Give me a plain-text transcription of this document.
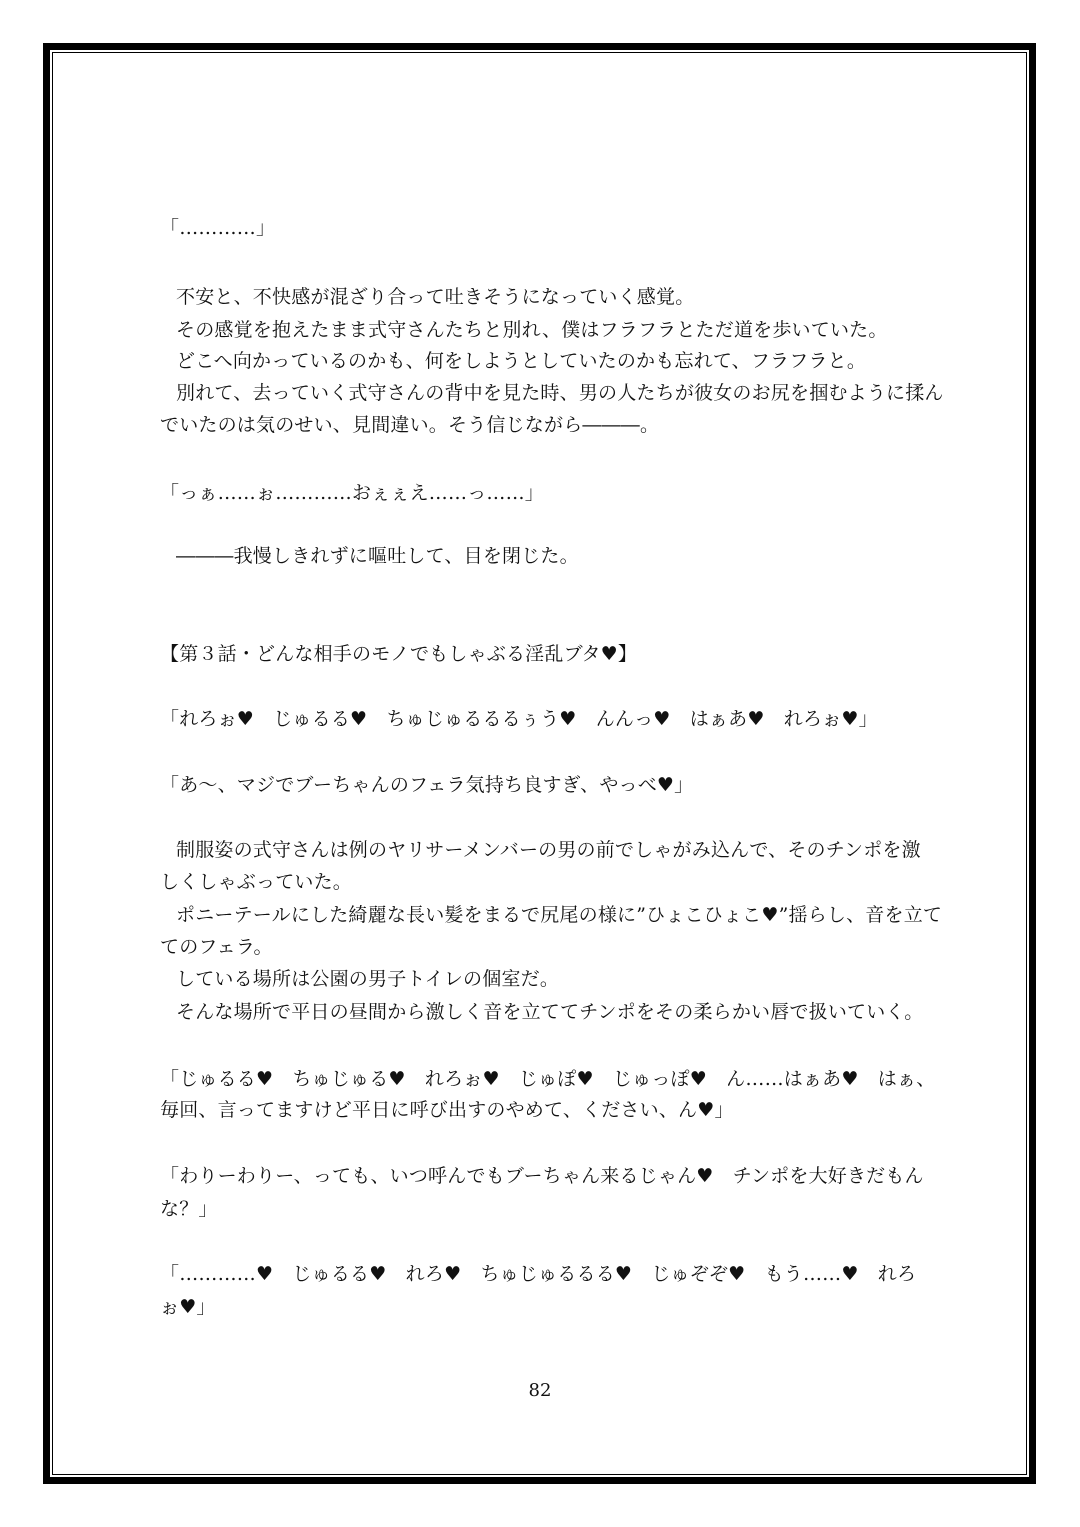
「…………」
不安と、不快感が混ざり合って吐きそうになっていく感覚。
その感覚を抱えたまま式守さんたちと別れ、僕はフラフラとただ道を歩いていた。
どこへ向かっているのかも、何をしようとしていたのかも忘れて、フラフラと。
別れて、去っていく式守さんの背中を見た時、男の人たちが彼女のお尻を掴むように揉ん
でいたのは気のせい、見間違い。そう信じながら―――。
「っぁ……ぉ…………おぇぇえ……っ……」
―――我慢しきれずに嘔吐して、目を閉じた。
【第３話・どんな相手のモノでもしゃぶる淫乱ブタ♥】
「れろぉ♥　じゅるる♥　ちゅじゅるるるぅう♥　んんっ♥　はぁあ♥　れろぉ♥」
「あ～、マジでブーちゃんのフェラ気持ち良すぎ、やっべ♥」
制服姿の式守さんは例のヤリサーメンバーの男の前でしゃがみ込んで、そのチンポを激
しくしゃぶっていた。
ポニーテールにした綺麗な長い髪をまるで尻尾の様に”ひょこひょこ♥”揺らし、音を立て
てのフェラ。
している場所は公園の男子トイレの個室だ。
そんな場所で平日の昼間から激しく音を立ててチンポをその柔らかい唇で扱いていく。
「じゅるる♥　ちゅじゅる♥　れろぉ♥　じゅぽ♥　じゅっぽ♥　ん……はぁあ♥　はぁ、
毎回、言ってますけど平日に呼び出すのやめて、ください、ん♥」
「わりーわりー、っても、いつ呼んでもブーちゃん来るじゃん♥　チンポを大好きだもん
な？」
「…………♥　じゅるる♥　れろ♥　ちゅじゅるるる♥　じゅぞぞ♥　もう……♥　れろ
ぉ♥」
82
